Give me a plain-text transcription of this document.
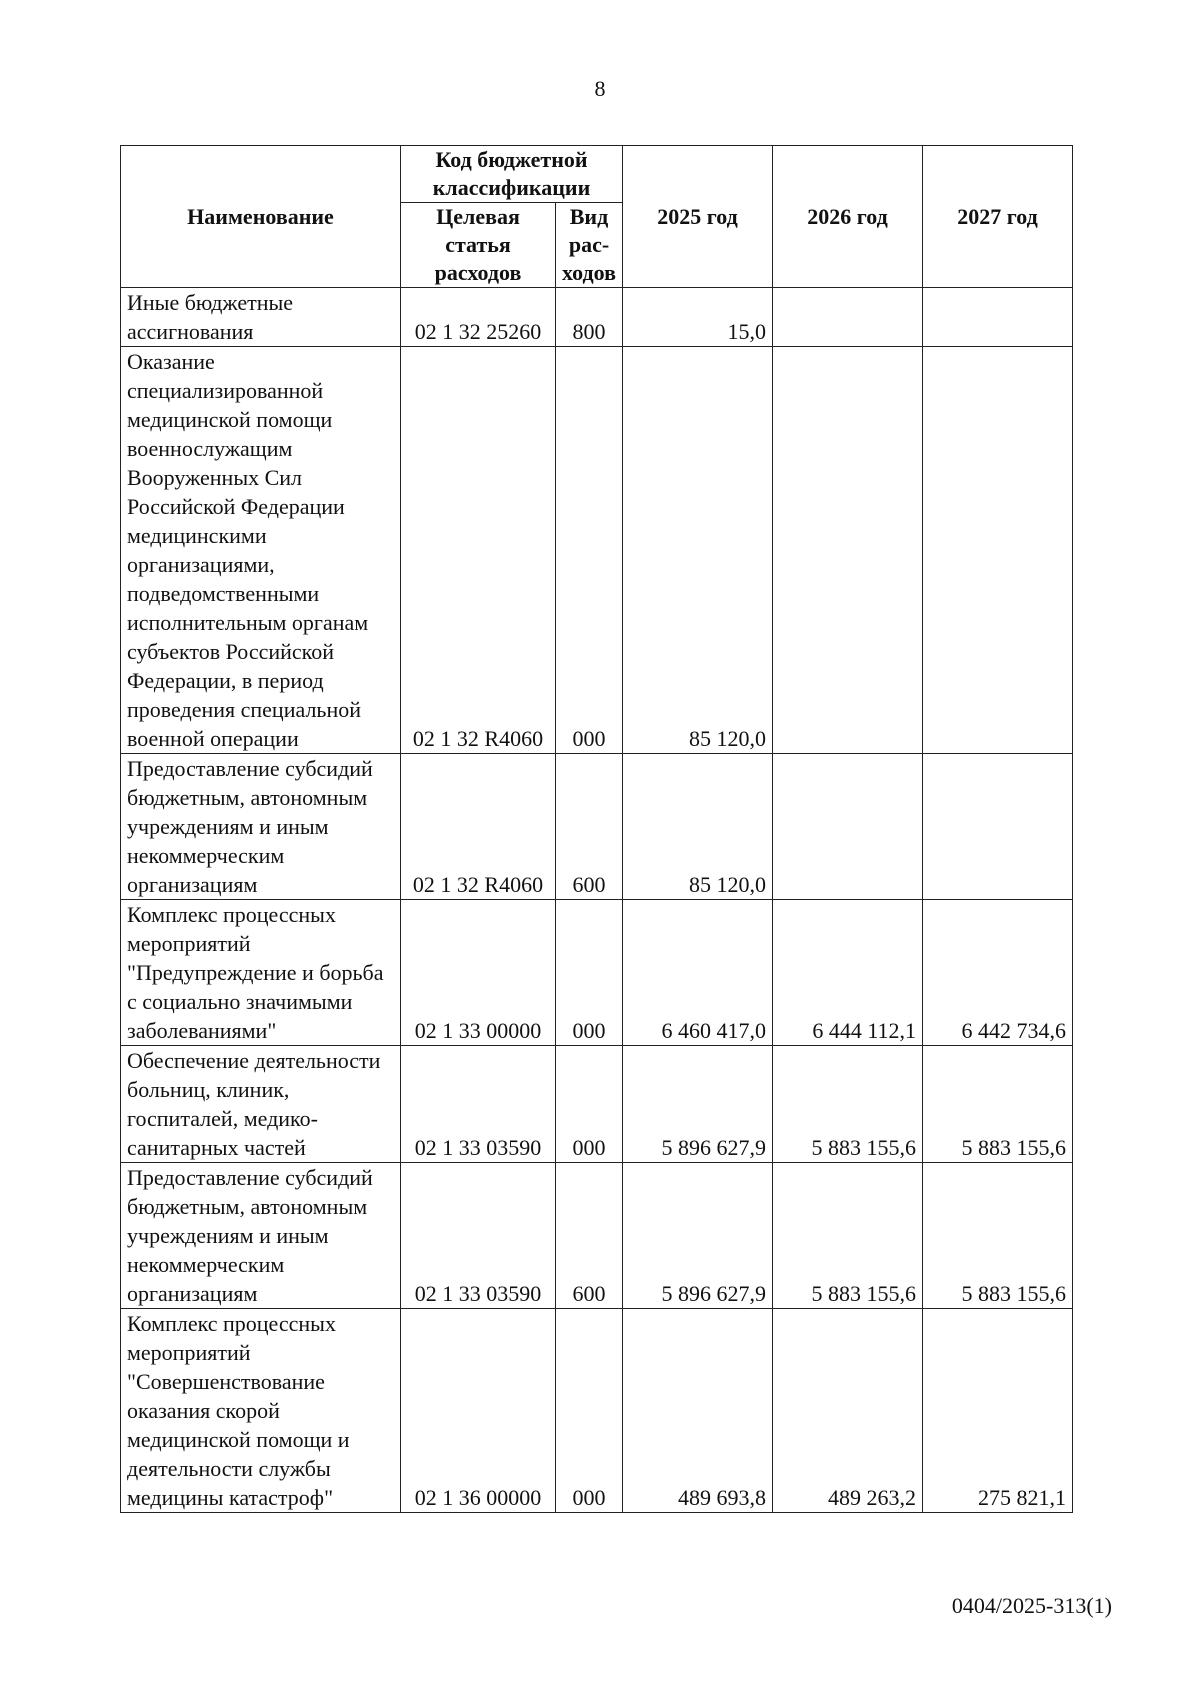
8
Наименование	Код бюджетной классификации		2025 год	2026 год	2027 год
	Целевая статья расходов	Вид рас-ходов			
Иные бюджетные ассигнования	02 1 32 25260	800	15,0		
Оказание специализированной медицинской помощи военнослужащим Вооруженных Сил Российской Федерации медицинскими организациями, подведомственными исполнительным органам субъектов Российской Федерации, в период проведения специальной военной операции	02 1 32 R4060	000	85 120,0		
Предоставление субсидий бюджетным, автономным учреждениям и иным некоммерческим организациям	02 1 32 R4060	600	85 120,0		
Комплекс процессных мероприятий "Предупреждение и борьба с социально значимыми заболеваниями"	02 1 33 00000	000	6 460 417,0	6 444 112,1	6 442 734,6
Обеспечение деятельности больниц, клиник, госпиталей, медико-санитарных частей	02 1 33 03590	000	5 896 627,9	5 883 155,6	5 883 155,6
Предоставление субсидий бюджетным, автономным учреждениям и иным некоммерческим организациям	02 1 33 03590	600	5 896 627,9	5 883 155,6	5 883 155,6
Комплекс процессных мероприятий "Совершенствование оказания скорой медицинской помощи и деятельности службы медицины катастроф"	02 1 36 00000	000	489 693,8	489 263,2	275 821,1
0404/2025-313(1)
